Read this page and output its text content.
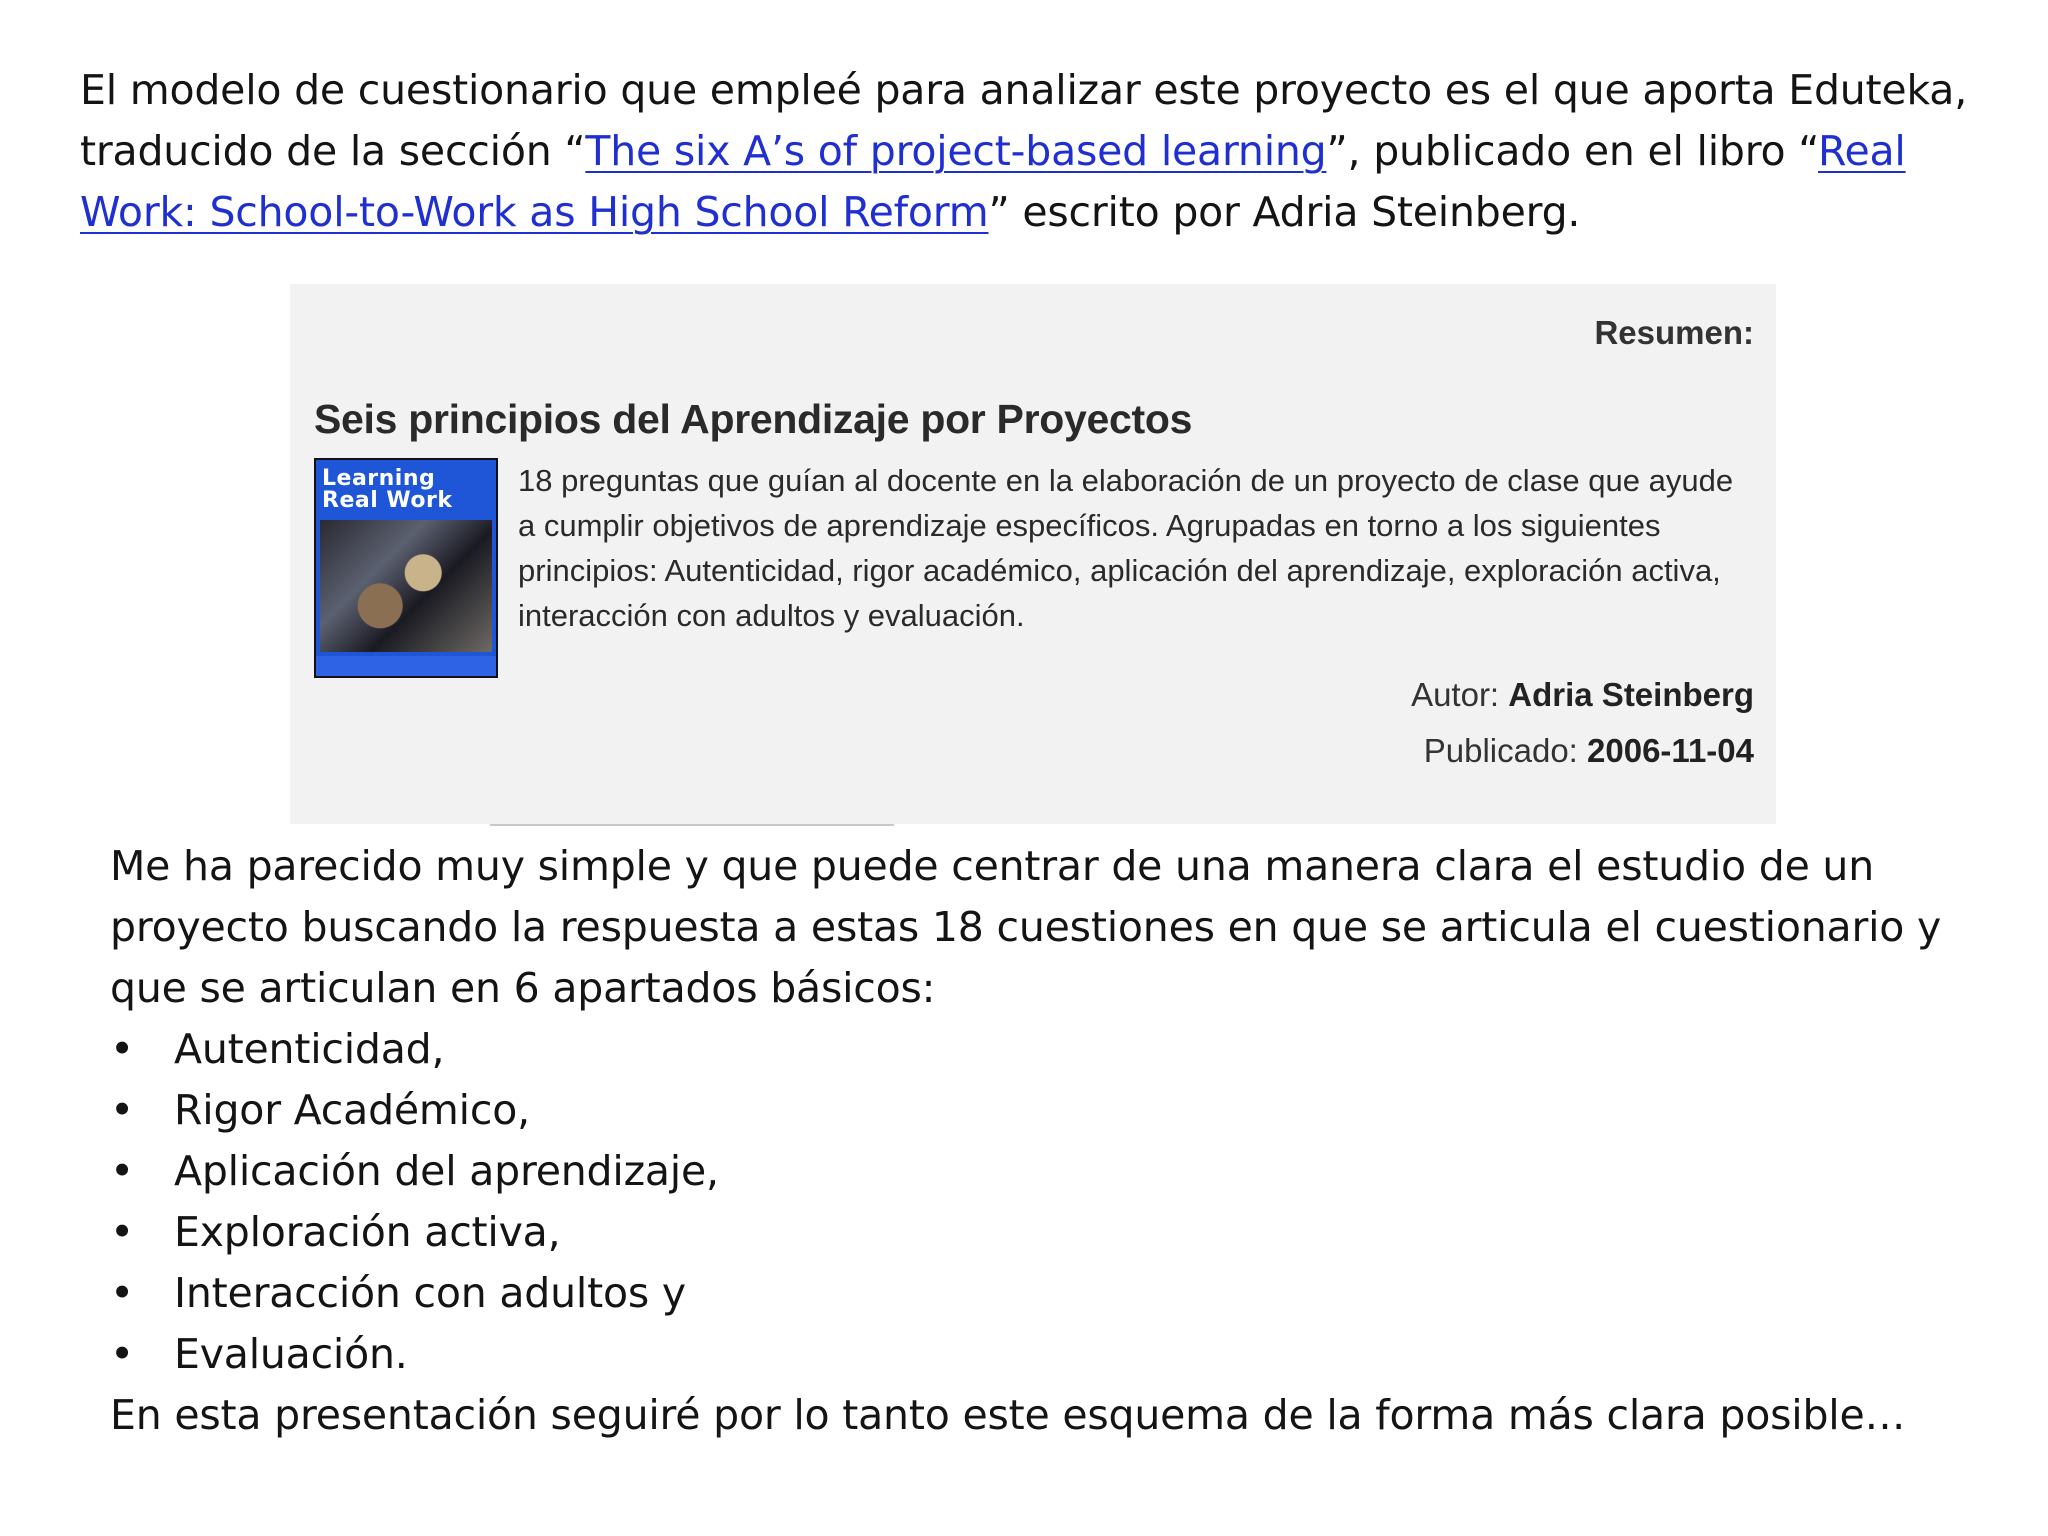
El modelo de cuestionario que empleé para analizar este proyecto es el que aporta Eduteka, traducido de la sección “The six A’s of project-based learning”, publicado en el libro “Real Work: School-to-Work as High School Reform” escrito por Adria Steinberg.
Resumen:
Seis principios del Aprendizaje por Proyectos
Learning
Real Work
18 preguntas que guían al docente en la elaboración de un proyecto de clase que ayude a cumplir objetivos de aprendizaje específicos. Agrupadas en torno a los siguientes principios: Autenticidad, rigor académico, aplicación del aprendizaje, exploración activa, interacción con adultos y evaluación.
Autor: Adria Steinberg
Publicado: 2006-11-04
Me ha parecido muy simple y que puede centrar de una manera clara el estudio de un proyecto buscando la respuesta a estas 18 cuestiones en que se articula el cuestionario y que se articulan en 6 apartados básicos:
• Autenticidad,
• Rigor Académico,
• Aplicación del aprendizaje,
• Exploración activa,
• Interacción con adultos y
• Evaluación.
En esta presentación seguiré por lo tanto este esquema de la forma más clara posible…
